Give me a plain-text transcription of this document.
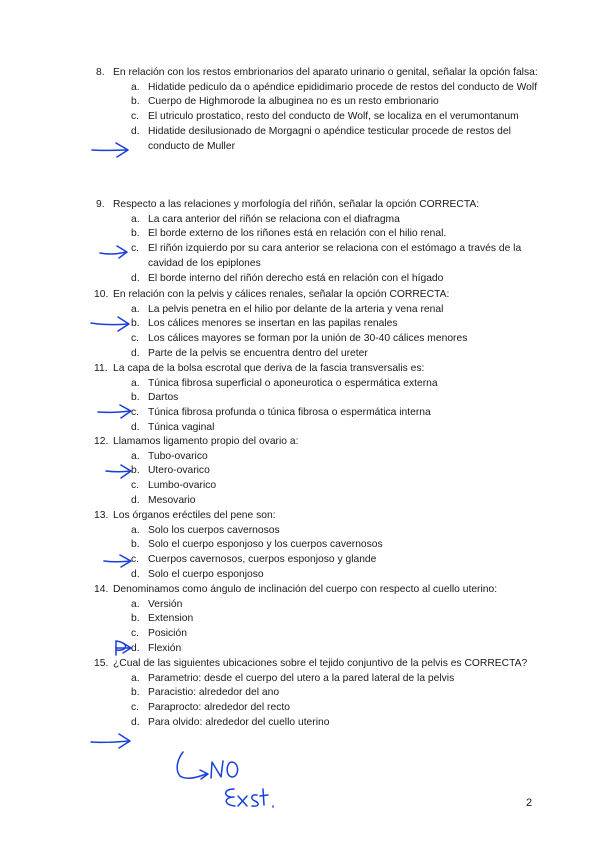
8. En relación con los restos embrionarios del aparato urinario o genital, señalar la opción falsa:
a. Hidatide pediculo da o apéndice epididimario procede de restos del conducto de Wolf
b. Cuerpo de Highmorode la albuginea no es un resto embrionario
c. El utriculo prostatico, resto del conducto de Wolf, se localiza en el verumontanum
d. Hidatide desilusionado de Morgagni o apéndice testicular procede de restos del conducto de Muller
9. Respecto a las relaciones y morfología del riñón, señalar la opción CORRECTA:
a. La cara anterior del riñón se relaciona con el diafragma
b. El borde externo de los riñones está en relación con el hilio renal.
c. El riñón izquierdo por su cara anterior se relaciona con el estómago a través de la cavidad de los epiplones
d. El borde interno del riñón derecho está en relación con el hígado
10. En relación con la pelvis y cálices renales, señalar la opción CORRECTA:
a. La pelvis penetra en el hilio por delante de la arteria y vena renal
b. Los cálices menores se insertan en las papilas renales
c. Los cálices mayores se forman por la unión de 30-40 cálices menores
d. Parte de la pelvis se encuentra dentro del ureter
11. La capa de la bolsa escrotal que deriva de la fascia transversalis es:
a. Túnica fibrosa superficial o aponeurotica o espermática externa
b. Dartos
c. Túnica fibrosa profunda o túnica fibrosa o espermática interna
d. Túnica vaginal
12. Llamamos ligamento propio del ovario a:
a. Tubo-ovarico
b. Utero-ovarico
c. Lumbo-ovarico
d. Mesovario
13. Los órganos eréctiles del pene son:
a. Solo los cuerpos cavernosos
b. Solo el cuerpo esponjoso y los cuerpos cavernosos
c. Cuerpos cavernosos, cuerpos esponjoso y glande
d. Solo el cuerpo esponjoso
14. Denominamos como ángulo de inclinación del cuerpo con respecto al cuello uterino:
a. Versión
b. Extension
c. Posición
d. Flexión
15. ¿Cual de las siguientes ubicaciones sobre el tejido conjuntivo de la pelvis es CORRECTA?
a. Parametrio: desde el cuerpo del utero a la pared lateral de la pelvis
b. Paracistio: alrededor del ano
c. Paraprocto: alrededor del recto
d. Para olvido: alrededor del cuello uterino
2
